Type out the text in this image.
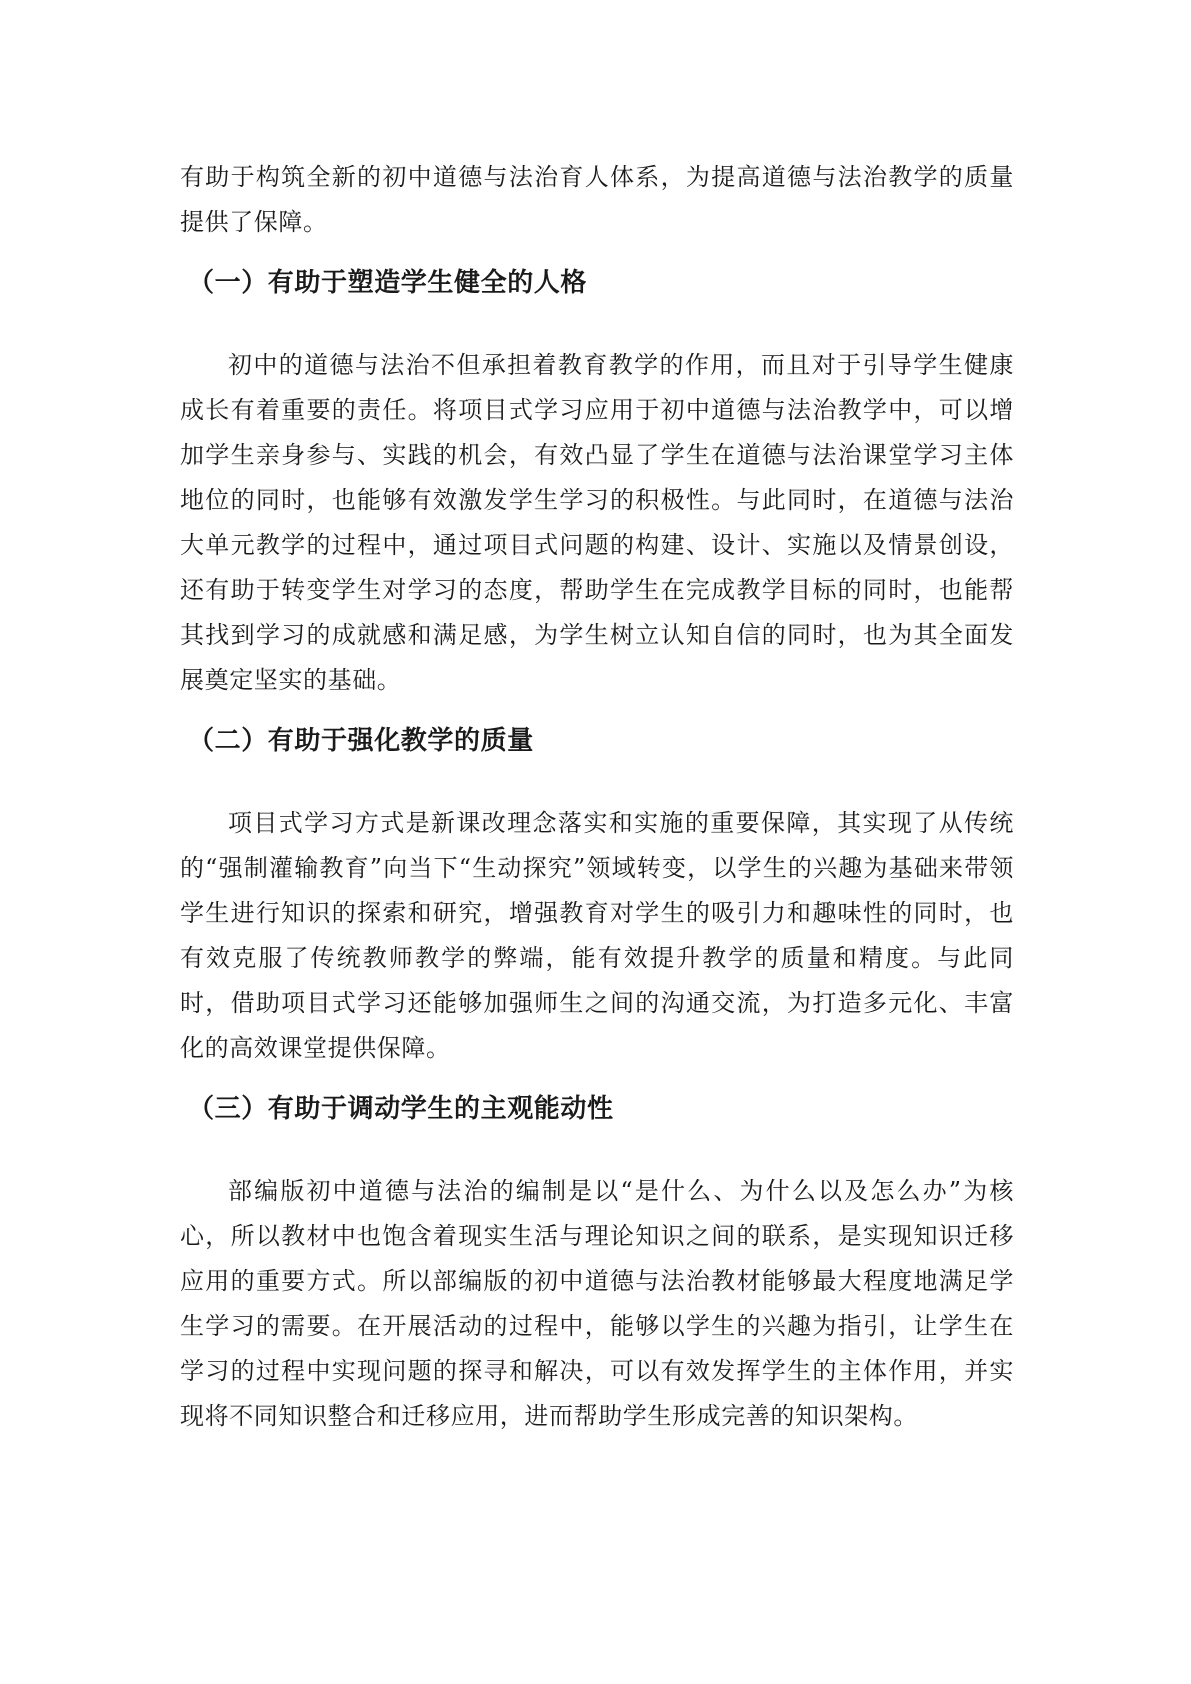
有助于构筑全新的初中道德与法治育人体系，为提高道德与法治教学的质量提供了保障。

（一）有助于塑造学生健全的人格

初中的道德与法治不但承担着教育教学的作用，而且对于引导学生健康成长有着重要的责任。将项目式学习应用于初中道德与法治教学中，可以增加学生亲身参与、实践的机会，有效凸显了学生在道德与法治课堂学习主体地位的同时，也能够有效激发学生学习的积极性。与此同时，在道德与法治大单元教学的过程中，通过项目式问题的构建、设计、实施以及情景创设，还有助于转变学生对学习的态度，帮助学生在完成教学目标的同时，也能帮其找到学习的成就感和满足感，为学生树立认知自信的同时，也为其全面发展奠定坚实的基础。

（二）有助于强化教学的质量

项目式学习方式是新课改理念落实和实施的重要保障，其实现了从传统的“强制灌输教育”向当下“生动探究”领域转变，以学生的兴趣为基础来带领学生进行知识的探索和研究，增强教育对学生的吸引力和趣味性的同时，也有效克服了传统教师教学的弊端，能有效提升教学的质量和精度。与此同时，借助项目式学习还能够加强师生之间的沟通交流，为打造多元化、丰富化的高效课堂提供保障。

（三）有助于调动学生的主观能动性

部编版初中道德与法治的编制是以“是什么、为什么以及怎么办”为核心，所以教材中也饱含着现实生活与理论知识之间的联系，是实现知识迁移应用的重要方式。所以部编版的初中道德与法治教材能够最大程度地满足学生学习的需要。在开展活动的过程中，能够以学生的兴趣为指引，让学生在学习的过程中实现问题的探寻和解决，可以有效发挥学生的主体作用，并实现将不同知识整合和迁移应用，进而帮助学生形成完善的知识架构。
